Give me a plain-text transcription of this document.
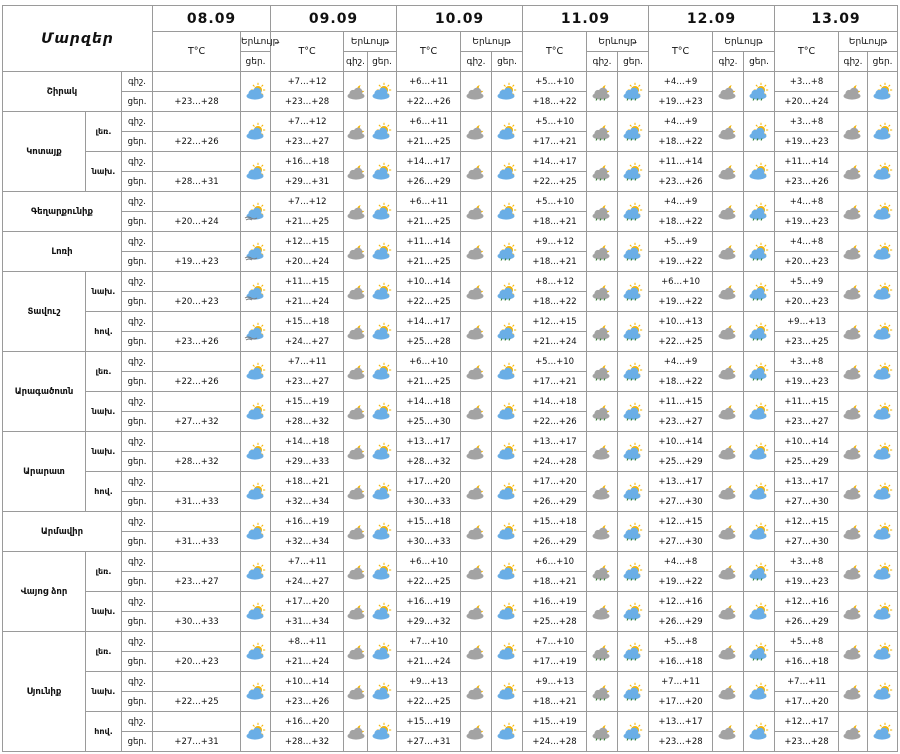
Մարզեր			08.09		09.09			10.09			11.09			12.09			13.09		
			T°C	Երևույթ	T°C	Երևույթ		T°C	Երևույթ		T°C	Երևույթ		T°C	Երևույթ		T°C	Երևույթ	
				ցեր.		գիշ.	ցեր.		գիշ.	ցեր.		գիշ.	ցեր.		գիշ.	ցեր.		գիշ.	ցեր.
Շիրակ		գիշ.			+7…+12			+6…+11			+5…+10			+4…+9			+3…+8	

		ցեր.	+23…+28		+23…+28			+22…+26			+18…+22			+19…+23			+20…+24		
Կոտայք	լեռ.	գիշ.			+7…+12			+6…+11			+5…+10			+4…+9			+3…+8	

		ցեր.	+22…+26		+23…+27			+21…+25			+17…+21			+18…+22			+19…+23		
	նախ.	գիշ.			+16…+18			+14…+17			+14…+17			+11…+14			+11…+14	

		ցեր.	+28…+31		+29…+31			+26…+29			+22…+25			+23…+26			+23…+26		
Գեղարքունիք		գիշ.			+7…+12			+6…+11			+5…+10			+4…+9			+4…+8	

		ցեր.	+20…+24		+21…+25			+21…+25			+18…+21			+18…+22			+19…+23		
Լոռի		գիշ.			+12…+15			+11…+14			+9…+12			+5…+9			+4…+8	

		ցեր.	+19…+23		+20…+24			+21…+25			+18…+21			+19…+22			+20…+23		
Տավուշ	նախ.	գիշ.			+11…+15			+10…+14			+8…+12			+6…+10			+5…+9	

		ցեր.	+20…+23		+21…+24			+22…+25			+18…+22			+19…+22			+20…+23		
	հով.	գիշ.			+15…+18			+14…+17			+12…+15			+10…+13			+9…+13	

		ցեր.	+23…+26		+24…+27			+25…+28			+21…+24			+22…+25			+23…+25		
Արագածոտն	լեռ.	գիշ.			+7…+11			+6…+10			+5…+10			+4…+9			+3…+8	

		ցեր.	+22…+26		+23…+27			+21…+25			+17…+21			+18…+22			+19…+23		
	նախ.	գիշ.			+15…+19			+14…+18			+14…+18			+11…+15			+11…+15	

		ցեր.	+27…+32		+28…+32			+25…+30			+22…+26			+23…+27			+23…+27		
Արարատ	նախ.	գիշ.			+14…+18			+13…+17			+13…+17			+10…+14			+10…+14	

		ցեր.	+28…+32		+29…+33			+28…+32			+24…+28			+25…+29			+25…+29		
	հով.	գիշ.			+18…+21			+17…+20			+17…+20			+13…+17			+13…+17	

		ցեր.	+31…+33		+32…+34			+30…+33			+26…+29			+27…+30			+27…+30		
Արմավիր		գիշ.			+16…+19			+15…+18			+15…+18			+12…+15			+12…+15	

		ցեր.	+31…+33		+32…+34			+30…+33			+26…+29			+27…+30			+27…+30		
Վայոց ձոր	լեռ.	գիշ.			+7…+11			+6…+10			+6…+10			+4…+8			+3…+8	

		ցեր.	+23…+27		+24…+27			+22…+25			+18…+21			+19…+22			+19…+23		
	նախ.	գիշ.			+17…+20			+16…+19			+16…+19			+12…+16			+12…+16	

		ցեր.	+30…+33		+31…+34			+29…+32			+25…+28			+26…+29			+26…+29		
Սյունիք	լեռ.	գիշ.			+8…+11			+7…+10			+7…+10			+5…+8			+5…+8	

		ցեր.	+20…+23		+21…+24			+21…+24			+17…+19			+16…+18			+16…+18		
	նախ.	գիշ.			+10…+14			+9…+13			+9…+13			+7…+11			+7…+11	

		ցեր.	+22…+25		+23…+26			+22…+25			+18…+21			+17…+20			+17…+20		
	հով.	գիշ.			+16…+20			+15…+19			+15…+19			+13…+17			+12…+17	

		ցեր.	+27…+31		+28…+32			+27…+31			+24…+28			+23…+28			+23…+28		
